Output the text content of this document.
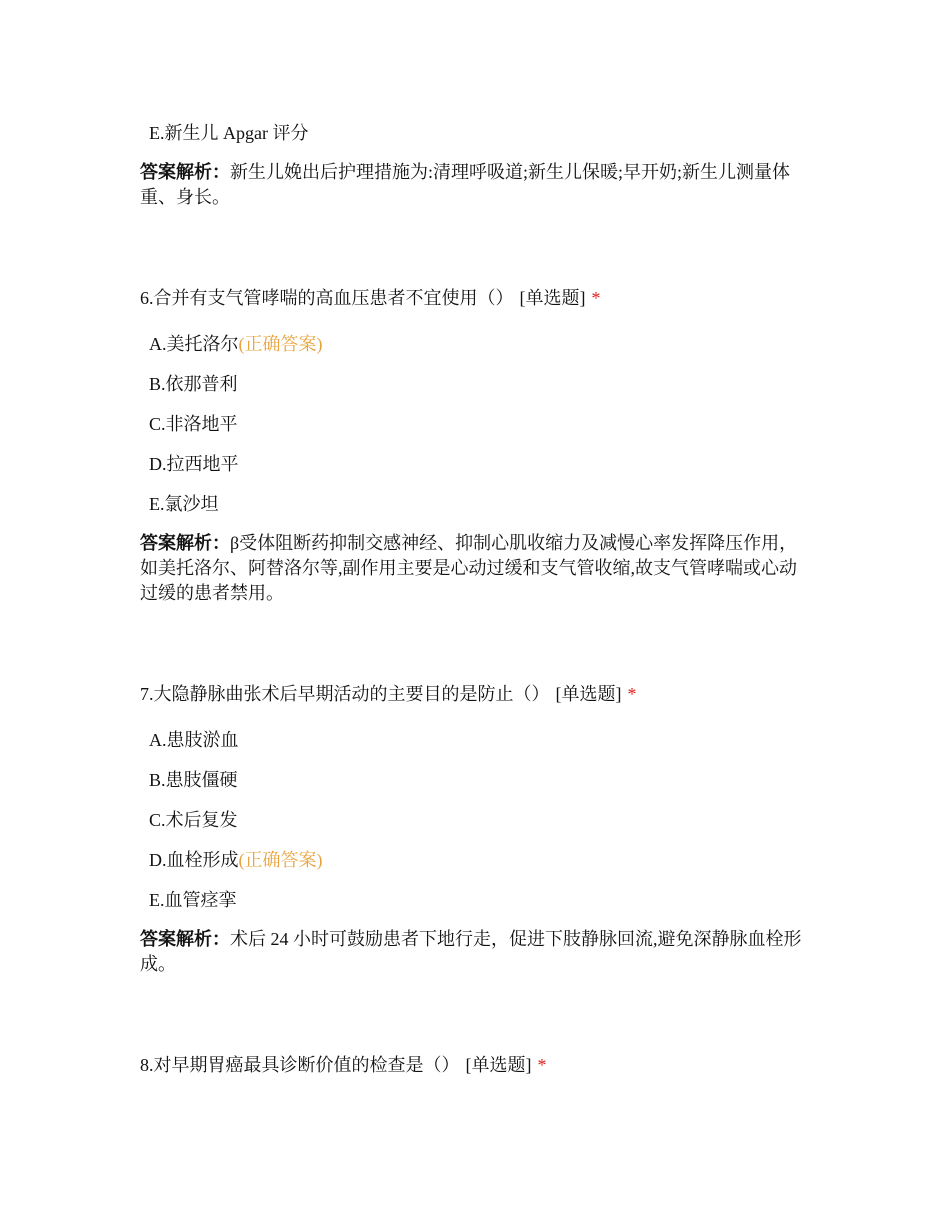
E.新生儿 Apgar 评分
答案解析：新生儿娩出后护理措施为:清理呼吸道;新生儿保暖;早开奶;新生儿测量体重、身长。
6.合并有支气管哮喘的高血压患者不宜使用（） [单选题] *
A.美托洛尔(正确答案)
B.依那普利
C.非洛地平
D.拉西地平
E.氯沙坦
答案解析：β受体阻断药抑制交感神经、抑制心肌收缩力及减慢心率发挥降压作用，如美托洛尔、阿替洛尔等,副作用主要是心动过缓和支气管收缩,故支气管哮喘或心动过缓的患者禁用。
7.大隐静脉曲张术后早期活动的主要目的是防止（） [单选题] *
A.患肢淤血
B.患肢僵硬
C.术后复发
D.血栓形成(正确答案)
E.血管痉挛
答案解析：术后 24 小时可鼓励患者下地行走，促进下肢静脉回流,避免深静脉血栓形成。
8.对早期胃癌最具诊断价值的检查是（） [单选题] *
